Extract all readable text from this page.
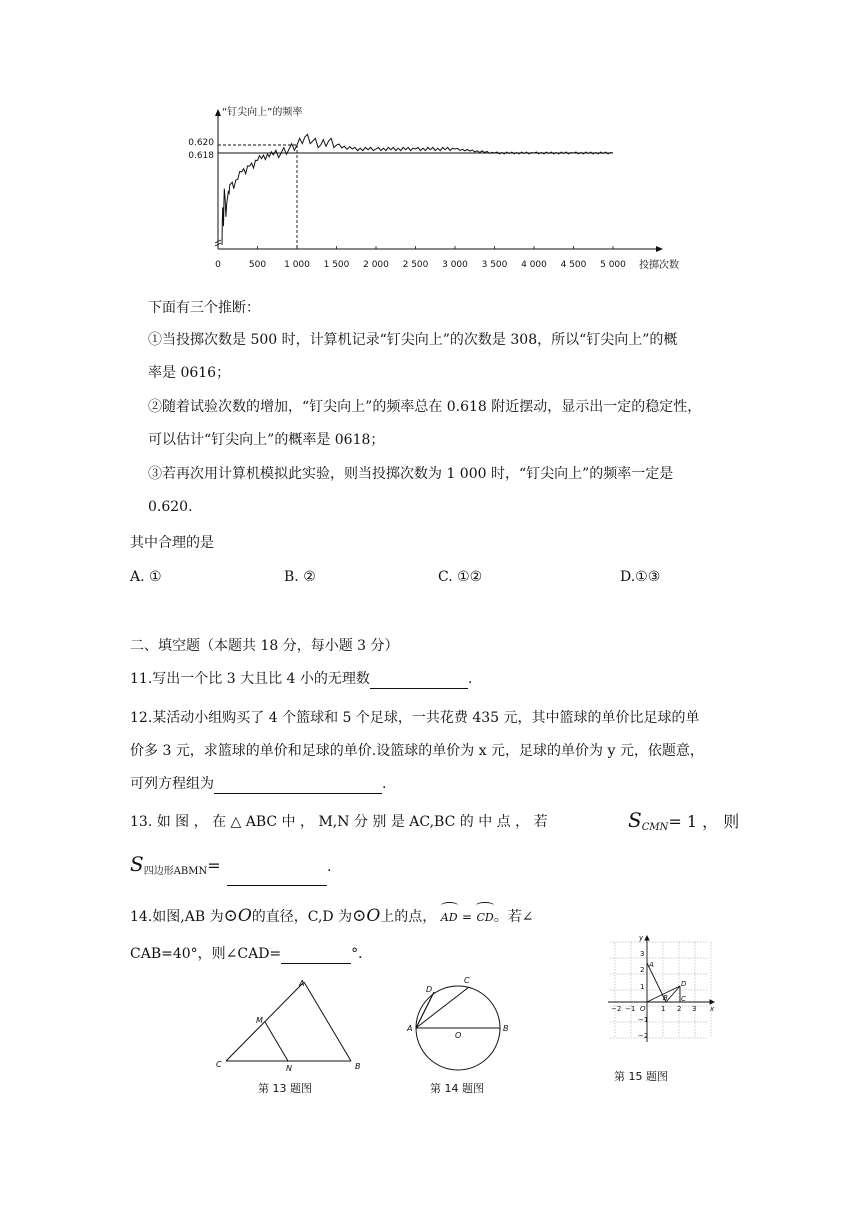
“钉尖向上”的频率
投掷次数
0	500 1 000 1 500 2 000 2 500 3 000 3 500 4 000 4 500 5 000
0.620
0.618
下面有三个推断：
①当投掷次数是 500 时，计算机记录“钉尖向上”的次数是 308，所以“钉尖向上”的概
率是 0616；
②随着试验次数的增加，“钉尖向上”的频率总在 0.618 附近摆动，显示出一定的稳定性，
可以估计“钉尖向上”的概率是 0618；
③若再次用计算机模拟此实验，则当投掷次数为 1 000 时，“钉尖向上”的频率一定是
0.620.
其中合理的是
A. ①	B. ②	C. ①②	D.①③
二、填空题（本题共 18 分，每小题 3 分）
11.写出一个比 3 大且比 4 小的无理数	.
12.某活动小组购买了 4 个篮球和 5 个足球，一共花费 435 元，其中篮球的单价比足球的单
价多 3 元，求篮球的单价和足球的单价.设篮球的单价为 x 元，足球的单价为 y 元，依题意，
可列方程组为	.
13. 如 图 ， 在 △ ABC 中 ， M,N 分 别 是 AC,BC 的 中 点 ， 若	SCMN= 1 ， 则
S四边形ABMN=	.
14.如图,AB 为⊙O的直径，C,D 为⊙O上的点， AD = CD。若∠
CAB=40°，则∠CAD=	°．
A
B
C
M
N
第 13 题图
A	B
C
D
O
第 14 题图
y
x
O
A
B C
D
−2 −1	1 2 3
3
2
1
−1
−2
第 15 题图
